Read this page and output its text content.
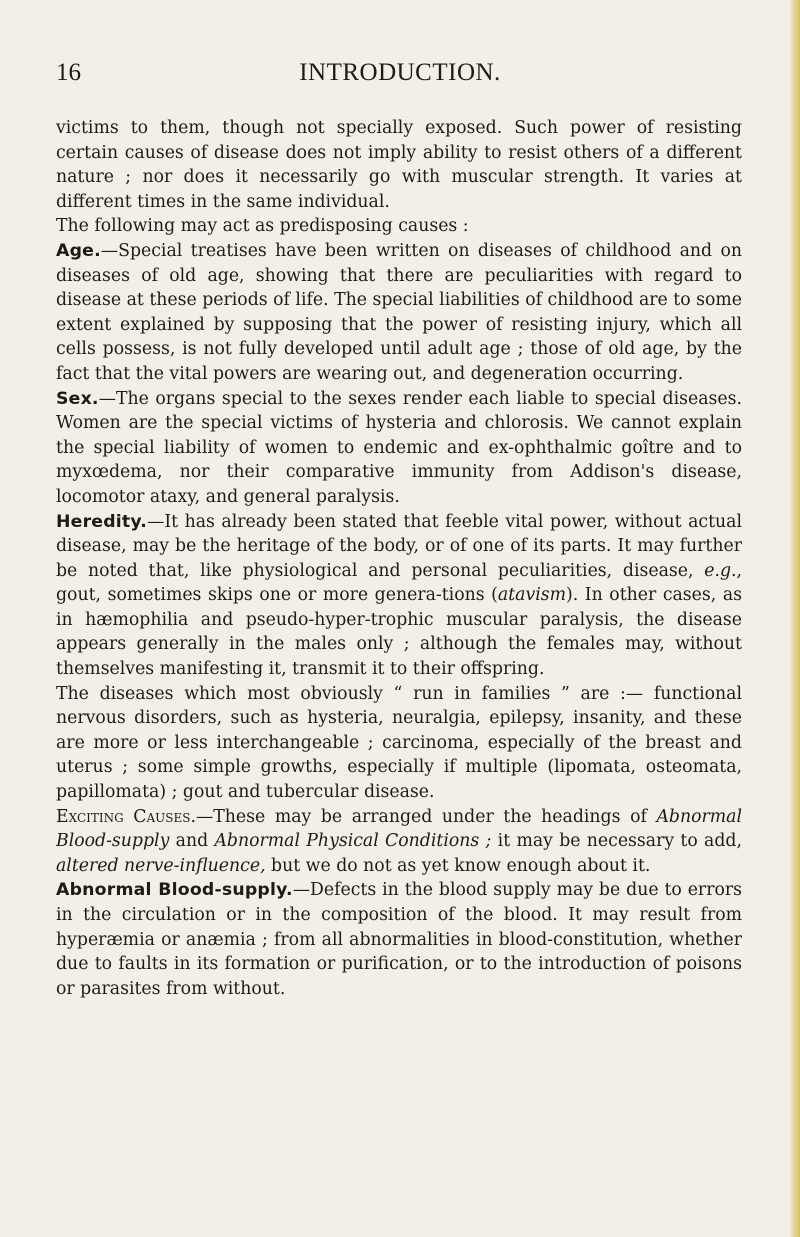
16	INTRODUCTION.

victims to them, though not specially exposed. Such power of resisting certain causes of disease does not imply ability to resist others of a different nature ; nor does it necessarily go with muscular strength. It varies at different times in the same individual.

The following may act as predisposing causes :

Age.—Special treatises have been written on diseases of childhood and on diseases of old age, showing that there are peculiarities with regard to disease at these periods of life. The special liabilities of childhood are to some extent explained by supposing that the power of resisting injury, which all cells possess, is not fully developed until adult age ; those of old age, by the fact that the vital powers are wearing out, and degeneration occurring.

Sex.—The organs special to the sexes render each liable to special diseases. Women are the special victims of hysteria and chlorosis. We cannot explain the special liability of women to endemic and ex-ophthalmic goître and to myxœdema, nor their comparative immunity from Addison's disease, locomotor ataxy, and general paralysis.

Heredity.—It has already been stated that feeble vital power, without actual disease, may be the heritage of the body, or of one of its parts. It may further be noted that, like physiological and personal peculiarities, disease, e.g., gout, sometimes skips one or more genera-tions (atavism). In other cases, as in hæmophilia and pseudo-hyper-trophic muscular paralysis, the disease appears generally in the males only ; although the females may, without themselves manifesting it, transmit it to their offspring.

The diseases which most obviously “ run in families ” are :— functional nervous disorders, such as hysteria, neuralgia, epilepsy, insanity, and these are more or less interchangeable ; carcinoma, especially of the breast and uterus ; some simple growths, especially if multiple (lipomata, osteomata, papillomata) ; gout and tubercular disease.

Exciting Causes.—These may be arranged under the headings of Abnormal Blood-supply and Abnormal Physical Conditions ; it may be necessary to add, altered nerve-influence, but we do not as yet know enough about it.

Abnormal Blood-supply.—Defects in the blood supply may be due to errors in the circulation or in the composition of the blood. It may result from hyperæmia or anæmia ; from all abnormalities in blood-constitution, whether due to faults in its formation or purification, or to the introduction of poisons or parasites from without.
